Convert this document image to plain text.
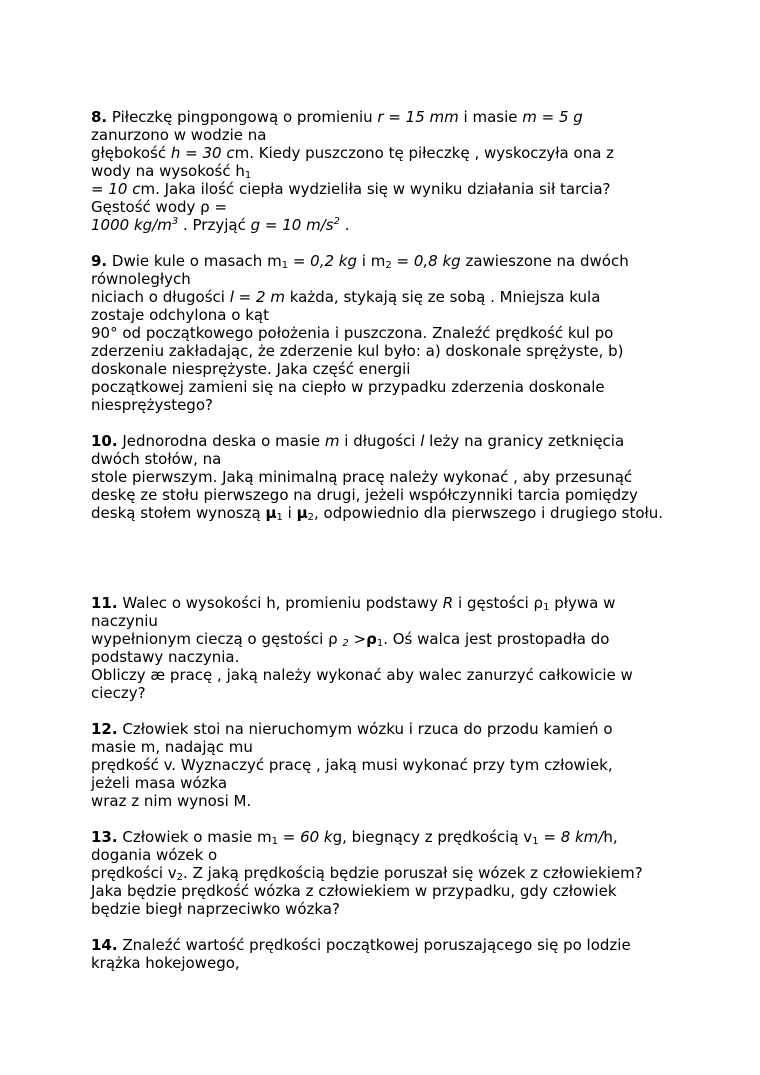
8. Piłeczkę pingpongową o promieniu r = 15 mm i masie m = 5 g
zanurzono w wodzie na
głębokość h = 30 cm. Kiedy puszczono tę piłeczkę , wyskoczyła ona z
wody na wysokość h1
= 10 cm. Jaka ilość ciepła wydzieliła się w wyniku działania sił tarcia?
Gęstość wody ρ =
1000 $kg/m^3$ . Przyjąć g = 10 $m/s^2$ .
9. Dwie kule o masach m1 = 0,2 kg i m2 = 0,8 kg zawieszone na dwóch
równoległych
niciach o długości l = 2 m każda, stykają się ze sobą . Mniejsza kula
zostaje odchylona o kąt
90° od początkowego położenia i puszczona. Znaleźć prędkość kul po
zderzeniu zakładając, że zderzenie kul było: a) doskonale sprężyste, b)
doskonale niesprężyste. Jaka część energii
początkowej zamieni się na ciepło w przypadku zderzenia doskonale
niesprężystego?
10. Jednorodna deska o masie m i długości l leży na granicy zetknięcia
dwóch stołów, na
stole pierwszym. Jaką minimalną pracę należy wykonać , aby przesunąć
deskę ze stołu pierwszego na drugi, jeżeli współczynniki tarcia pomiędzy
deską stołem wynoszą μ1 i μ2, odpowiednio dla pierwszego i drugiego stołu.
11. Walec o wysokości h, promieniu podstawy R i gęstości ρ1 pływa w
naczyniu
wypełnionym cieczą o gęstości ρ 2 >ρ1. Oś walca jest prostopadła do
podstawy naczynia.
Obliczy æ pracę , jaką należy wykonać aby walec zanurzyć całkowicie w
cieczy?
12. Człowiek stoi na nieruchomym wózku i rzuca do przodu kamień o
masie m, nadając mu
prędkość v. Wyznaczyć pracę , jaką musi wykonać przy tym człowiek,
jeżeli masa wózka
wraz z nim wynosi M.
13. Człowiek o masie m1 = 60 kg, biegnący z prędkością v1 = 8 km/h,
dogania wózek o
prędkości v2. Z jaką prędkością będzie poruszał się wózek z człowiekiem?
Jaka będzie prędkość wózka z człowiekiem w przypadku, gdy człowiek
będzie biegł naprzeciwko wózka?
14. Znaleźć wartość prędkości początkowej poruszającego się po lodzie
krążka hokejowego,
